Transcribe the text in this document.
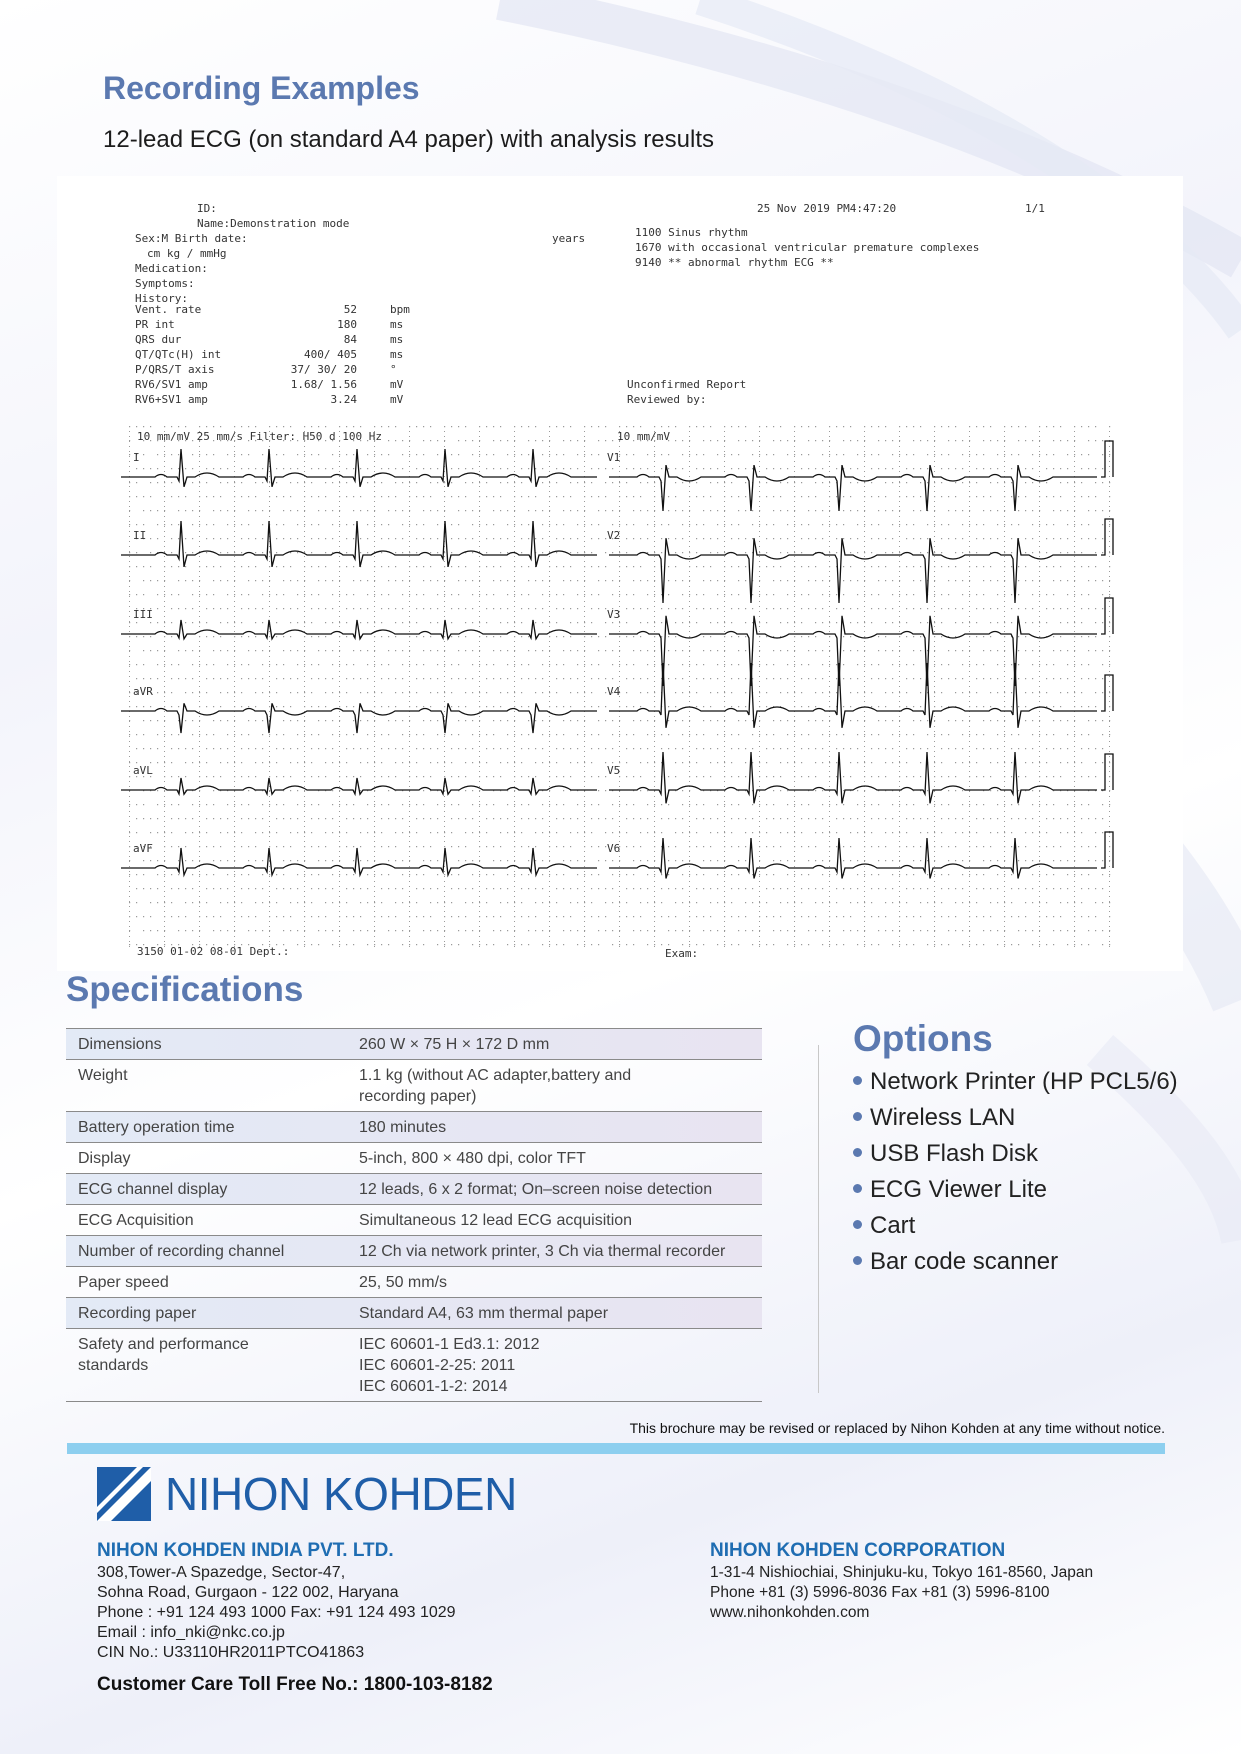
Recording Examples
12-lead ECG (on standard A4 paper) with analysis results
ID:
Name:Demonstration mode
Sex:M Birth date:
cm kg / mmHg
Medication:
Symptoms:
History:
years
Vent. rate	52	bpm
PR int	180	ms
QRS dur	84	ms
QT/QTc(H) int	400/ 405	ms
P/QRS/T axis	37/ 30/ 20	°
RV6/SV1 amp	1.68/ 1.56	mV
RV6+SV1 amp	3.24	mV
25 Nov 2019 PM4:47:20	1/1
1100 Sinus rhythm
1670 with occasional ventricular premature complexes
9140 ** abnormal rhythm ECG **
Unconfirmed Report
Reviewed by:
10 mm/mV 25 mm/s Filter: H50 d 100 Hz	10 mm/mV
3150 01-02 08-01 Dept.:	Exam:
I
II
III
aVR
aVL
aVF
V1
V2
V3
V4
V5
V6
Specifications
Dimensions	260 W × 75 H × 172 D mm
Weight	1.1 kg (without AC adapter,battery and recording paper)
Battery operation time	180 minutes
Display	5-inch, 800 × 480 dpi, color TFT
ECG channel display	12 leads, 6 x 2 format; On–screen noise detection
ECG Acquisition	Simultaneous 12 lead ECG acquisition
Number of recording channel	12 Ch via network printer, 3 Ch via thermal recorder
Paper speed	25, 50 mm/s
Recording paper	Standard A4, 63 mm thermal paper
Safety and performance standards	IEC 60601-1 Ed3.1: 2012
IEC 60601-2-25: 2011
IEC 60601-1-2: 2014
Options
Network Printer (HP PCL5/6)
Wireless LAN
USB Flash Disk
ECG Viewer Lite
Cart
Bar code scanner
This brochure may be revised or replaced by Nihon Kohden at any time without notice.
NIHON KOHDEN
NIHON KOHDEN INDIA PVT. LTD.
308,Tower-A Spazedge, Sector-47,
Sohna Road, Gurgaon - 122 002, Haryana
Phone : +91 124 493 1000 Fax: +91 124 493 1029
Email : info_nki@nkc.co.jp
CIN No.: U33110HR2011PTCO41863
NIHON KOHDEN CORPORATION
1-31-4 Nishiochiai, Shinjuku-ku, Tokyo 161-8560, Japan
Phone +81 (3) 5996-8036 Fax +81 (3) 5996-8100
www.nihonkohden.com
Customer Care Toll Free No.: 1800-103-8182
